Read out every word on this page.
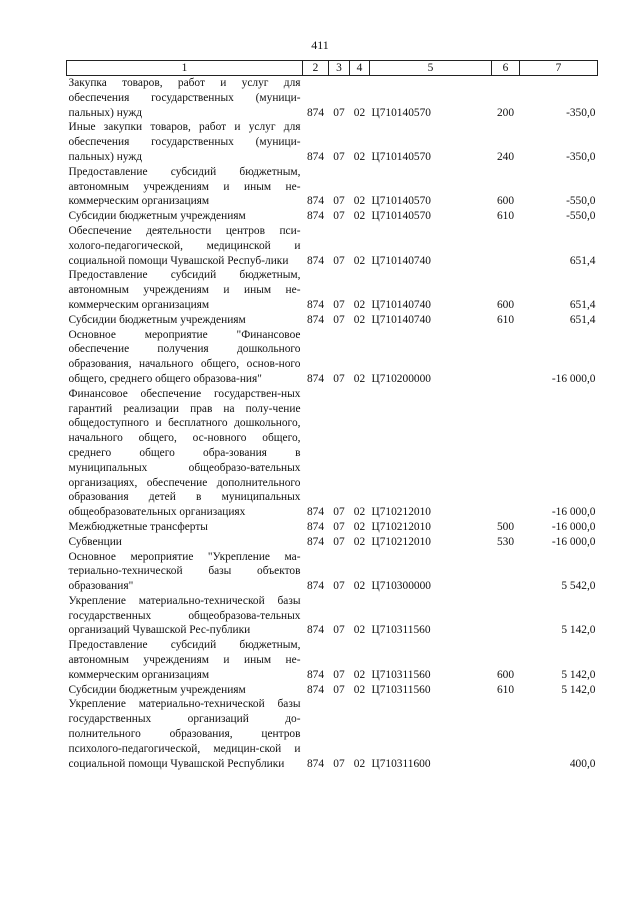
411
1	2	3	4	5	6	7
Закупка товаров, работ и услуг для обеспечения государственных (муници-пальных) нужд	874	07	02	Ц710140570	200	-350,0
Иные закупки товаров, работ и услуг для обеспечения государственных (муници-пальных) нужд	874	07	02	Ц710140570	240	-350,0
Предоставление субсидий бюджетным, автономным учреждениям и иным не-коммерческим организациям	874	07	02	Ц710140570	600	-550,0
Субсидии бюджетным учреждениям	874	07	02	Ц710140570	610	-550,0
Обеспечение деятельности центров пси-холого-педагогической, медицинской и социальной помощи Чувашской Респуб-лики	874	07	02	Ц710140740		651,4
Предоставление субсидий бюджетным, автономным учреждениям и иным не-коммерческим организациям	874	07	02	Ц710140740	600	651,4
Субсидии бюджетным учреждениям	874	07	02	Ц710140740	610	651,4
Основное мероприятие "Финансовое обеспечение получения дошкольного образования, начального общего, основ-ного общего, среднего общего образова-ния"	874	07	02	Ц710200000		-16 000,0
Финансовое обеспечение государствен-ных гарантий реализации прав на полу-чение общедоступного и бесплатного дошкольного, начального общего, ос-новного общего, среднего общего обра-зования в муниципальных общеобразо-вательных организациях, обеспечение дополнительного образования детей в муниципальных общеобразовательных организациях	874	07	02	Ц710212010		-16 000,0
Межбюджетные трансферты	874	07	02	Ц710212010	500	-16 000,0
Субвенции	874	07	02	Ц710212010	530	-16 000,0
Основное мероприятие "Укрепление ма-териально-технической базы объектов образования"	874	07	02	Ц710300000		5 542,0
Укрепление материально-технической базы государственных общеобразова-тельных организаций Чувашской Рес-публики	874	07	02	Ц710311560		5 142,0
Предоставление субсидий бюджетным, автономным учреждениям и иным не-коммерческим организациям	874	07	02	Ц710311560	600	5 142,0
Субсидии бюджетным учреждениям	874	07	02	Ц710311560	610	5 142,0
Укрепление материально-технической базы государственных организаций до-полнительного образования, центров психолого-педагогической, медицин-ской и социальной помощи Чувашской Республики	874	07	02	Ц710311600		400,0
